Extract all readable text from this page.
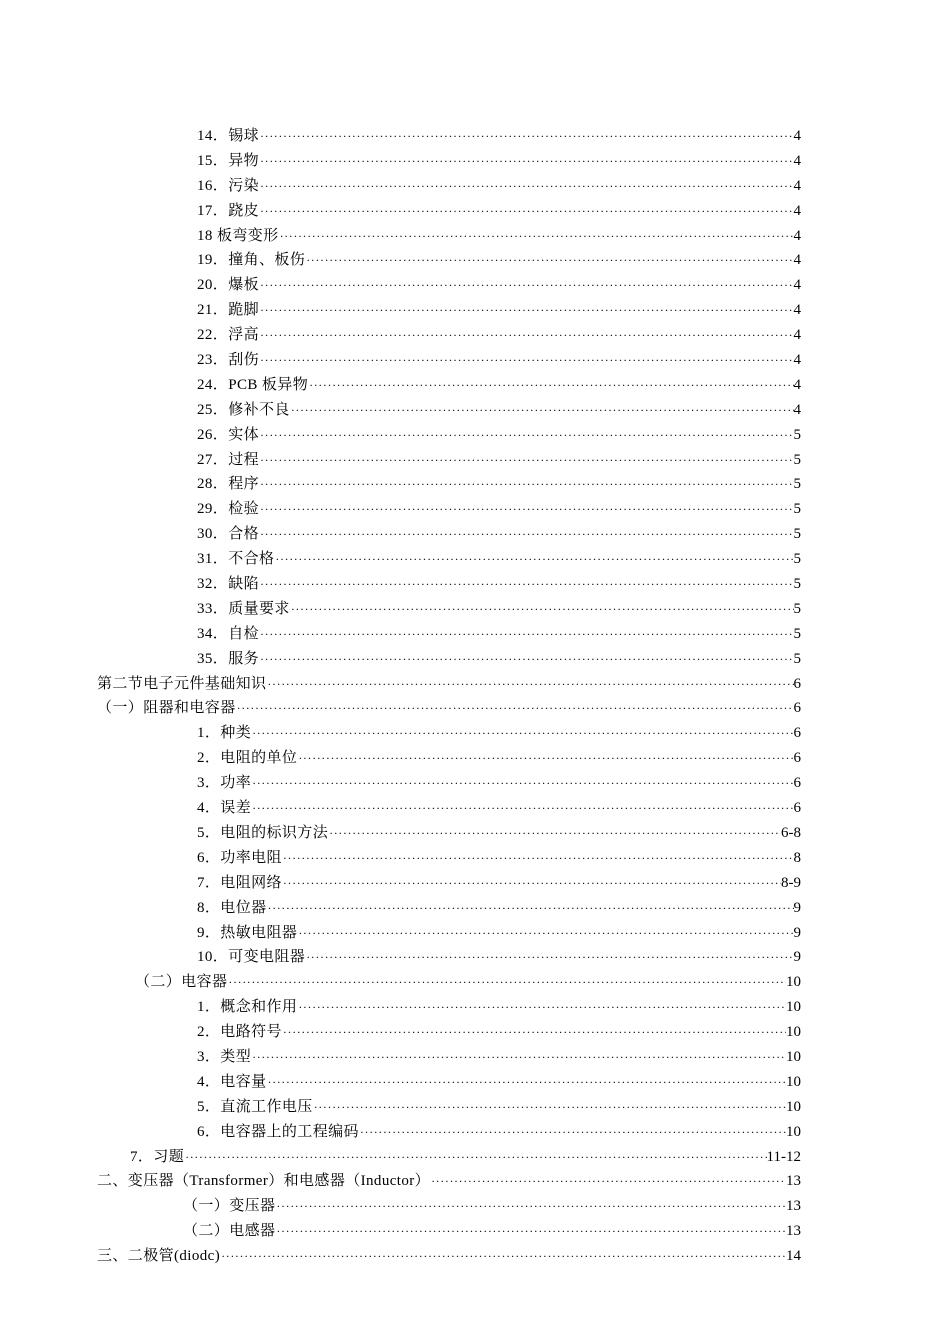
14．锡球 ·····	4
15．异物 ·····	4
16．污染 ·····	4
17．跷皮 ·····	4
18 板弯变形 ·····	4
19．撞角、板伤 ·····	4
20．爆板 ·····	4
21．跪脚 ·····	4
22．浮高 ·····	4
23．刮伤 ·····	4
24．PCB 板异物 ·····	4
25．修补不良 ·····	4
26．实体 ·····	5
27．过程 ·····	5
28．程序 ·····	5
29．检验 ·····	5
30．合格 ·····	5
31．不合格 ·····	5
32．缺陷 ·····	5
33．质量要求 ·····	5
34．自检 ·····	5
35．服务 ·····	5
第二节电子元件基础知识 ·····	6
（一）阻器和电容器 ·····	6
1．种类 ·····	6
2．电阻的单位 ·····	6
3．功率 ·····	6
4．误差 ·····	6
5．电阻的标识方法 ·····	6-8
6．功率电阻 ·····	8
7．电阻网络 ·····	8-9
8．电位器 ·····	9
9．热敏电阻器 ·····	9
10．可变电阻器 ·····	9
（二）电容器 ·····	10
1．概念和作用 ·····	10
2．电路符号 ·····	10
3．类型 ·····	10
4．电容量 ·····	10
5．直流工作电压 ·····	10
6．电容器上的工程编码 ·····	10
7．习题 ·····	11-12
二、变压器（Transformer）和电感器（Inductor） ·····	13
（一）变压器 ·····	13
（二）电感器 ·····	13
三、二极管(diodc) ·····	14
